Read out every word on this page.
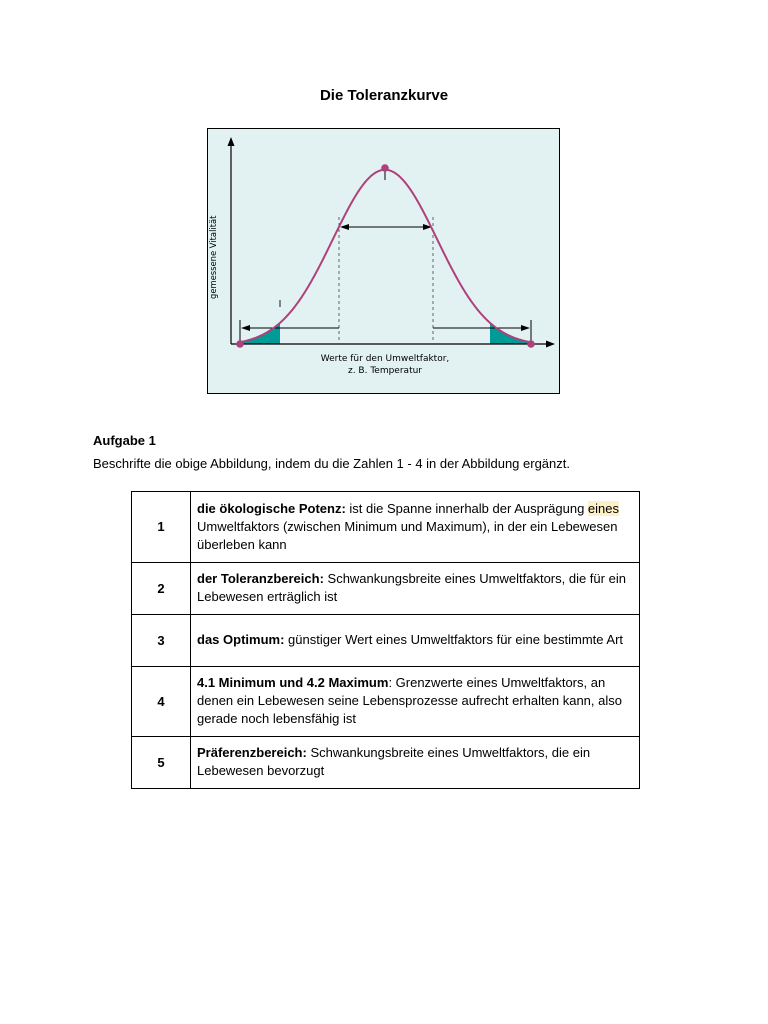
Die Toleranzkurve
gemessene Vitalität
Werte für den Umweltfaktor,
z. B. Temperatur
Aufgabe 1
Beschrifte die obige Abbildung, indem du die Zahlen 1 - 4 in der Abbildung ergänzt.
1	die ökologische Potenz: ist die Spanne innerhalb der Ausprägung eines Umweltfaktors (zwischen Minimum und Maximum), in der ein Lebewesen überleben kann
2	der Toleranzbereich: Schwankungsbreite eines Umweltfaktors, die für ein Lebewesen erträglich ist
3	das Optimum: günstiger Wert eines Umweltfaktors für eine bestimmte Art
4	4.1 Minimum und 4.2 Maximum: Grenzwerte eines Umweltfaktors, an denen ein Lebewesen seine Lebensprozesse aufrecht erhalten kann, also gerade noch lebensfähig ist
5	Präferenzbereich: Schwankungsbreite eines Umweltfaktors, die ein Lebewesen bevorzugt
